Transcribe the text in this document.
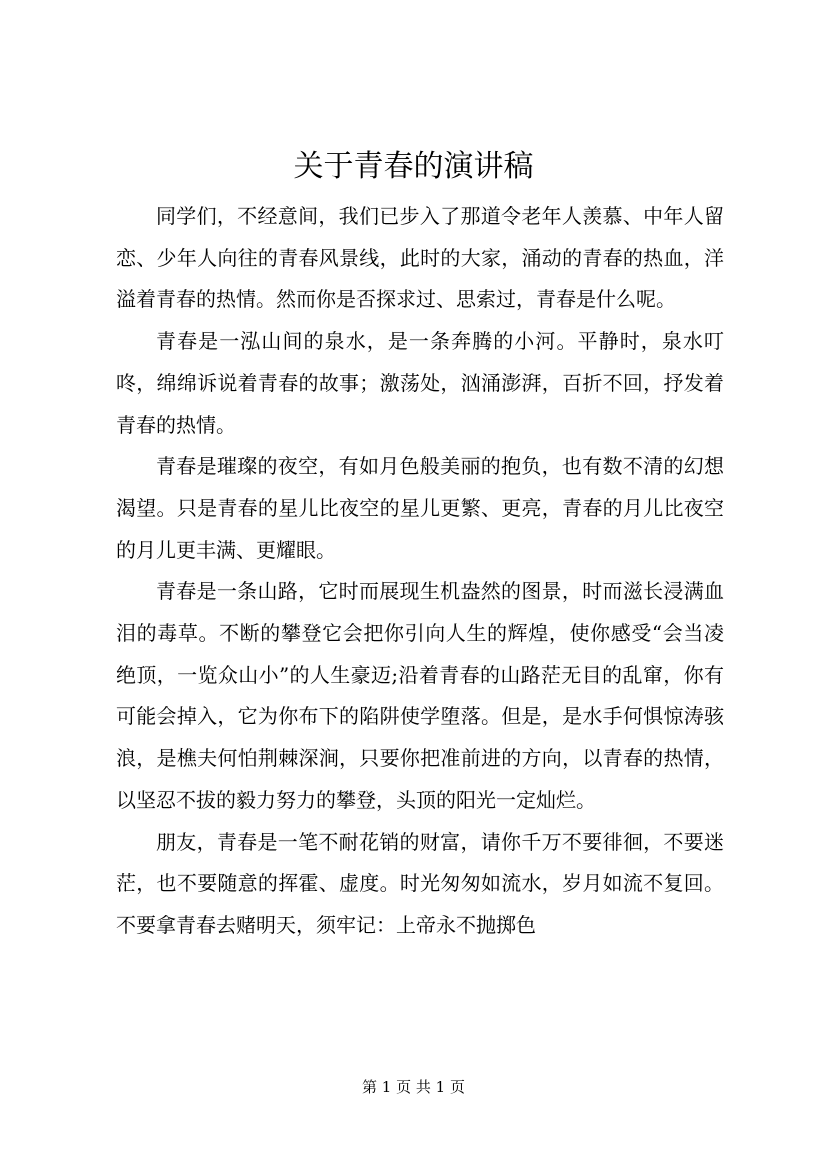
关于青春的演讲稿

同学们，不经意间，我们已步入了那道令老年人羡慕、中年人留恋、少年人向往的青春风景线，此时的大家，涌动的青春的热血，洋溢着青春的热情。然而你是否探求过、思索过，青春是什么呢。

青春是一泓山间的泉水，是一条奔腾的小河。平静时，泉水叮咚，绵绵诉说着青春的故事；激荡处，汹涌澎湃，百折不回，抒发着青春的热情。

青春是璀璨的夜空，有如月色般美丽的抱负，也有数不清的幻想渴望。只是青春的星儿比夜空的星儿更繁、更亮，青春的月儿比夜空的月儿更丰满、更耀眼。

青春是一条山路，它时而展现生机盎然的图景，时而滋长浸满血泪的毒草。不断的攀登它会把你引向人生的辉煌，使你感受“会当凌绝顶，一览众山小”的人生豪迈;沿着青春的山路茫无目的乱窜，你有可能会掉入，它为你布下的陷阱使学堕落。但是，是水手何惧惊涛骇浪，是樵夫何怕荆棘深涧，只要你把准前进的方向，以青春的热情，以坚忍不拔的毅力努力的攀登，头顶的阳光一定灿烂。

朋友，青春是一笔不耐花销的财富，请你千万不要徘徊，不要迷茫，也不要随意的挥霍、虚度。时光匆匆如流水，岁月如流不复回。不要拿青春去赌明天，须牢记：上帝永不抛掷色

第 1 页 共 1 页
